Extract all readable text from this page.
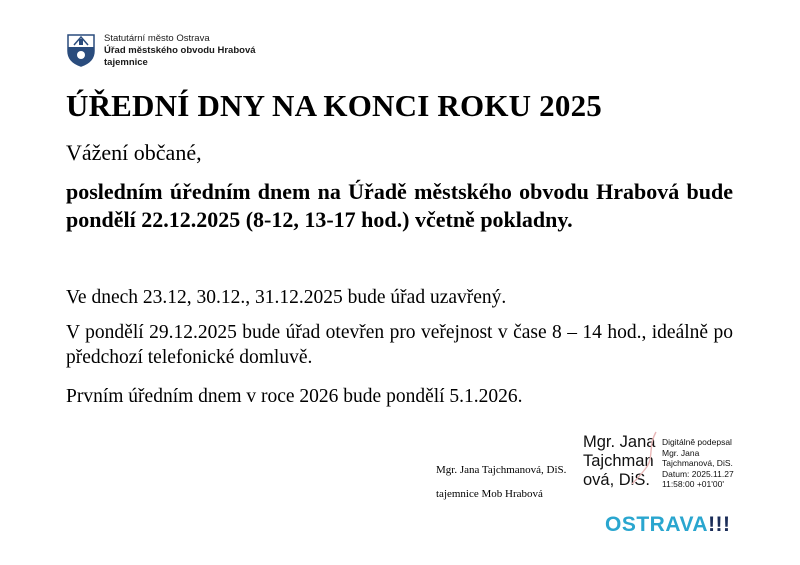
Statutární město Ostrava
Úřad městského obvodu Hrabová
tajemnice
ÚŘEDNÍ DNY NA KONCI ROKU 2025
Vážení občané,
posledním úředním dnem na Úřadě městského obvodu Hrabová bude pondělí 22.12.2025 (8-12, 13-17 hod.) včetně pokladny.
Ve dnech 23.12, 30.12., 31.12.2025 bude úřad uzavřený.
V pondělí 29.12.2025 bude úřad otevřen pro veřejnost v čase 8 – 14 hod., ideálně po předchozí telefonické domluvě.
Prvním úředním dnem v roce 2026 bude pondělí 5.1.2026.
Mgr. Jana Tajchmanová, DiS.
tajemnice Mob Hrabová
Mgr. Jana
Tajchman
ová, DiS.
Digitálně podepsal
Mgr. Jana
Tajchmanová, DiS.
Datum: 2025.11.27
11:58:00 +01'00'
OSTRAVA!!!
